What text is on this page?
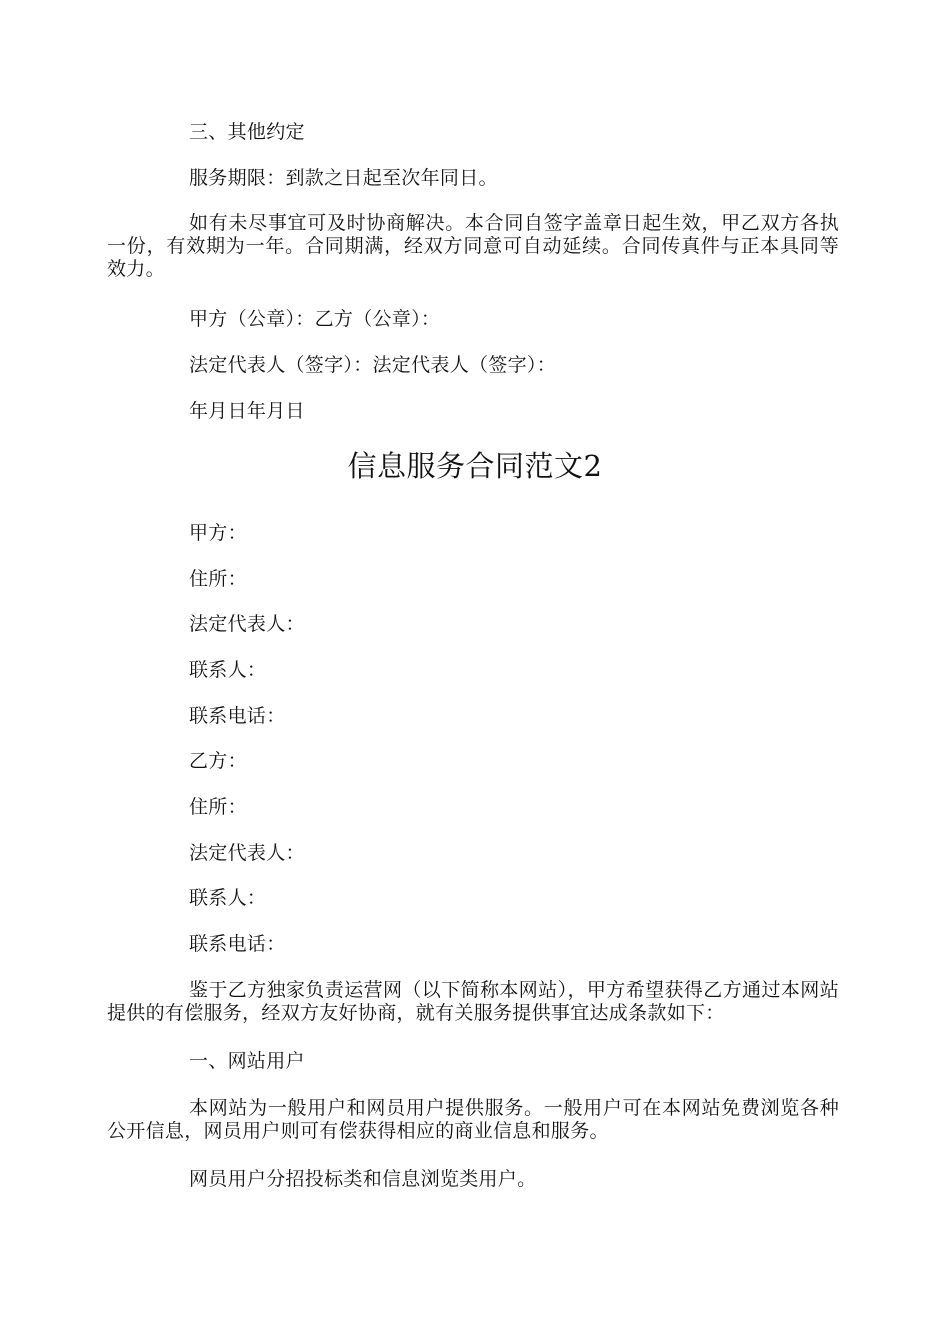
三、其他约定
服务期限：到款之日起至次年同日。
如有未尽事宜可及时协商解决。本合同自签字盖章日起生效，甲乙双方各执一份，有效期为一年。合同期满，经双方同意可自动延续。合同传真件与正本具同等效力。
甲方（公章）：乙方（公章）：
法定代表人（签字）：法定代表人（签字）：
年月日年月日
信息服务合同范文2
甲方：
住所：
法定代表人：
联系人：
联系电话：
乙方：
住所：
法定代表人：
联系人：
联系电话：
鉴于乙方独家负责运营网（以下简称本网站），甲方希望获得乙方通过本网站提供的有偿服务，经双方友好协商，就有关服务提供事宜达成条款如下：
一、网站用户
本网站为一般用户和网员用户提供服务。一般用户可在本网站免费浏览各种公开信息，网员用户则可有偿获得相应的商业信息和服务。
网员用户分招投标类和信息浏览类用户。
